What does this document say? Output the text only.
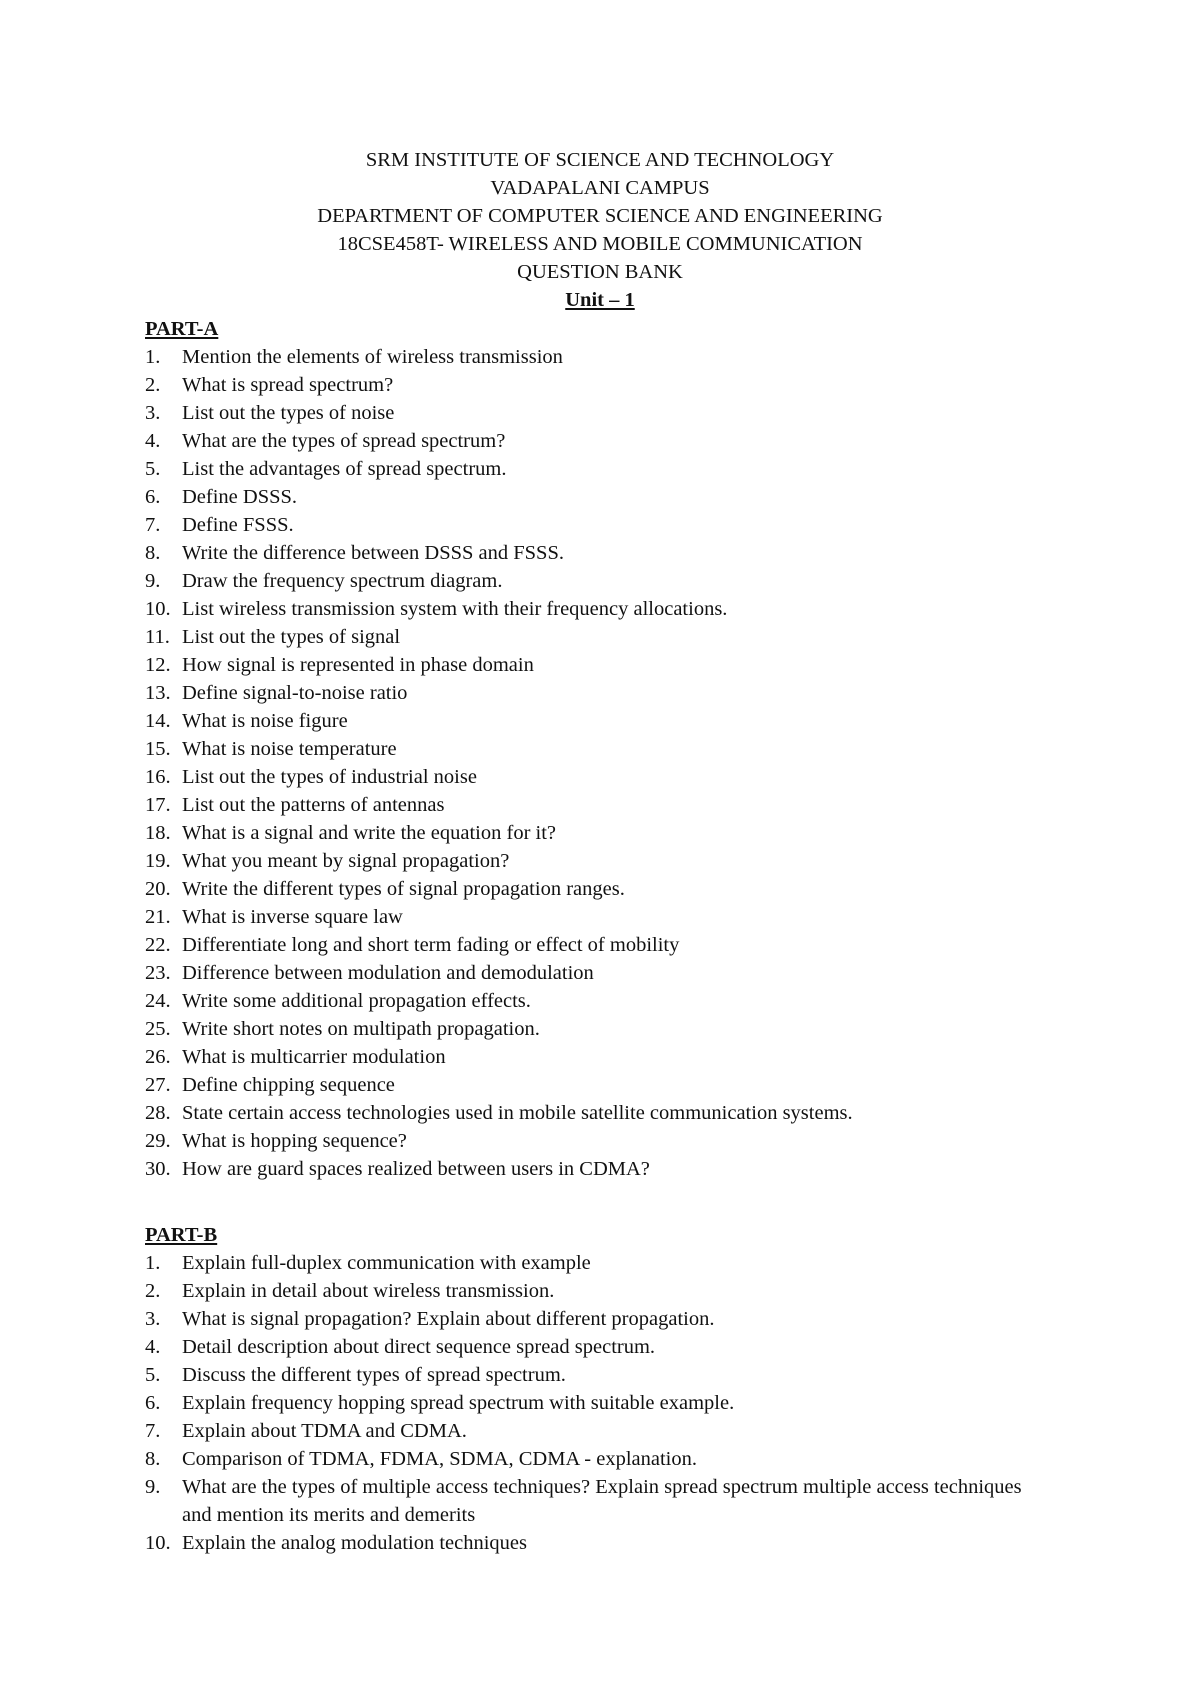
SRM INSTITUTE OF SCIENCE AND TECHNOLOGY
VADAPALANI CAMPUS
DEPARTMENT OF COMPUTER SCIENCE AND ENGINEERING
18CSE458T- WIRELESS AND MOBILE COMMUNICATION
QUESTION BANK
Unit – 1
PART-A
1.	Mention the elements of wireless transmission
2.	What is spread spectrum?
3.	List out the types of noise
4.	What are the types of spread spectrum?
5.	List the advantages of spread spectrum.
6.	Define DSSS.
7.	Define FSSS.
8.	Write the difference between DSSS and FSSS.
9.	Draw the frequency spectrum diagram.
10. List wireless transmission system with their frequency allocations.
11. List out the types of signal
12. How signal is represented in phase domain
13. Define signal-to-noise ratio
14. What is noise figure
15. What is noise temperature
16. List out the types of industrial noise
17. List out the patterns of antennas
18. What is a signal and write the equation for it?
19. What you meant by signal propagation?
20. Write the different types of signal propagation ranges.
21. What is inverse square law
22. Differentiate long and short term fading or effect of mobility
23. Difference between modulation and demodulation
24. Write some additional propagation effects.
25. Write short notes on multipath propagation.
26. What is multicarrier modulation
27. Define chipping sequence
28. State certain access technologies used in mobile satellite communication systems.
29. What is hopping sequence?
30. How are guard spaces realized between users in CDMA?
PART-B
1.	Explain full-duplex communication with example
2.	Explain in detail about wireless transmission.
3.	What is signal propagation? Explain about different propagation.
4.	Detail description about direct sequence spread spectrum.
5.	Discuss the different types of spread spectrum.
6.	Explain frequency hopping spread spectrum with suitable example.
7.	Explain about TDMA and CDMA.
8.	Comparison of TDMA, FDMA, SDMA, CDMA - explanation.
9.	What are the types of multiple access techniques? Explain spread spectrum multiple access techniques and mention its merits and demerits
10. Explain the analog modulation techniques
